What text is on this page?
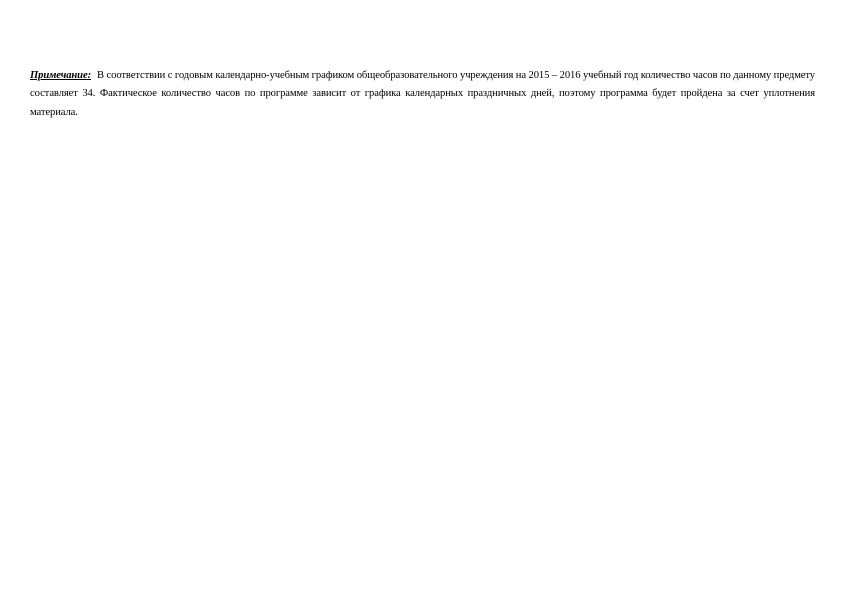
Примечание: В соответствии с годовым календарно-учебным графиком общеобразовательного учреждения на 2015 – 2016 учебный год количество часов по данному предмету составляет 34. Фактическое количество часов по программе зависит от графика календарных праздничных дней, поэтому программа будет пройдена за счет уплотнения материала.
